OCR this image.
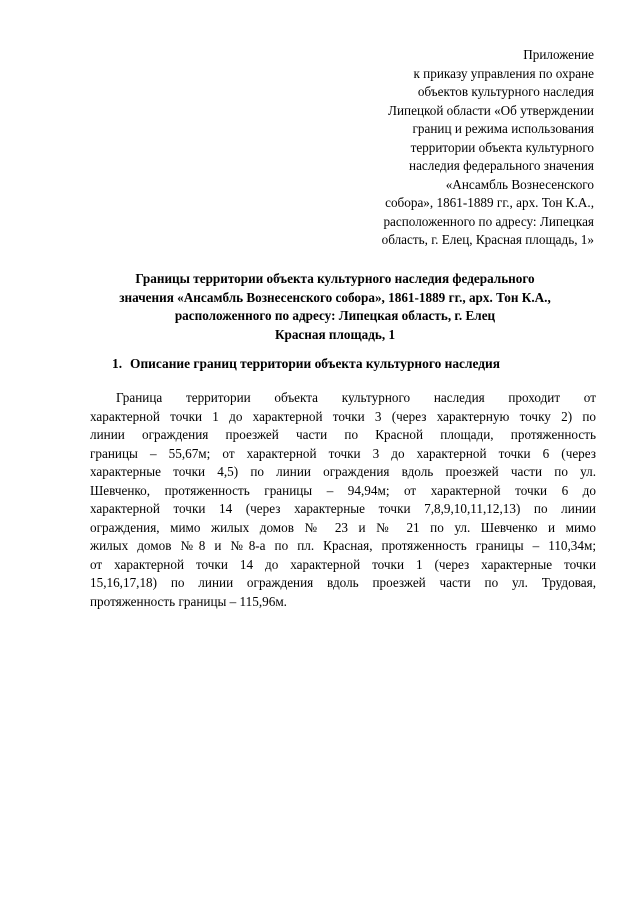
Приложение
к приказу управления по охране
объектов культурного наследия
Липецкой области «Об утверждении
границ и режима использования
территории объекта культурного
наследия федерального значения
«Ансамбль Вознесенского
собора», 1861-1889 гг., арх. Тон К.А.,
расположенного по адресу: Липецкая
область, г. Елец, Красная площадь, 1»
Границы территории объекта культурного наследия федерального
значения «Ансамбль Вознесенского собора», 1861-1889 гг., арх. Тон К.А.,
расположенного по адресу: Липецкая область, г. Елец
Красная площадь, 1
1. Описание границ территории объекта культурного наследия
Граница территории объекта культурного наследия проходит от
характерной точки 1 до характерной точки 3 (через характерную точку 2) по
линии ограждения проезжей части по Красной площади, протяженность
границы – 55,67м; от характерной точки 3 до характерной точки 6 (через
характерные точки 4,5) по линии ограждения вдоль проезжей части по ул.
Шевченко, протяженность границы – 94,94м; от характерной точки 6 до
характерной точки 14 (через характерные точки 7,8,9,10,11,12,13) по линии
ограждения, мимо жилых домов № 23 и № 21 по ул. Шевченко и мимо
жилых домов №8 и №8-а по пл. Красная, протяженность границы – 110,34м;
от характерной точки 14 до характерной точки 1 (через характерные точки
15,16,17,18) по линии ограждения вдоль проезжей части по ул. Трудовая,
протяженность границы – 115,96м.
